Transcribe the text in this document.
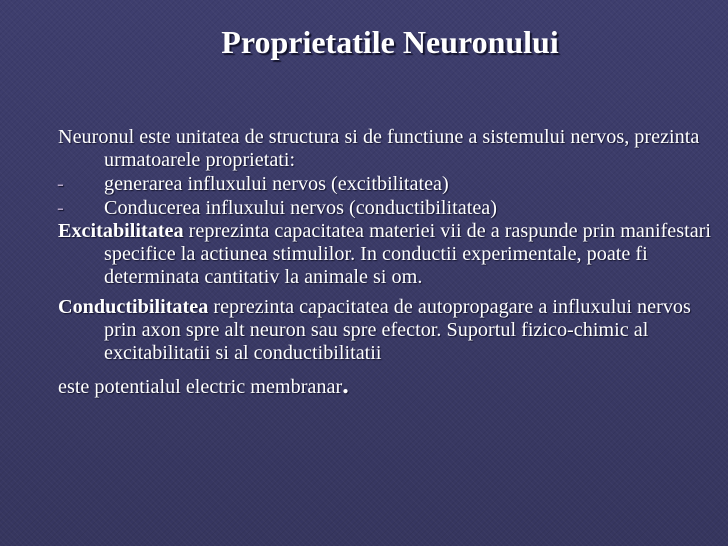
Proprietatile Neuronului

Neuronul este unitatea de structura si de functiune a sistemului nervos, prezinta urmatoarele proprietati:

- generarea influxului nervos (excitbilitatea)
- Conducerea influxului nervos (conductibilitatea)

Excitabilitatea reprezinta capacitatea materiei vii de a raspunde prin manifestari specifice la actiunea stimulilor. In conductii experimentale, poate fi determinata cantitativ la animale si om.

Conductibilitatea reprezinta capacitatea de autopropagare a influxului nervos prin axon spre alt neuron sau spre efector. Suportul fizico-chimic al excitabilitatii si al conductibilitatii
este potentialul electric membranar.
